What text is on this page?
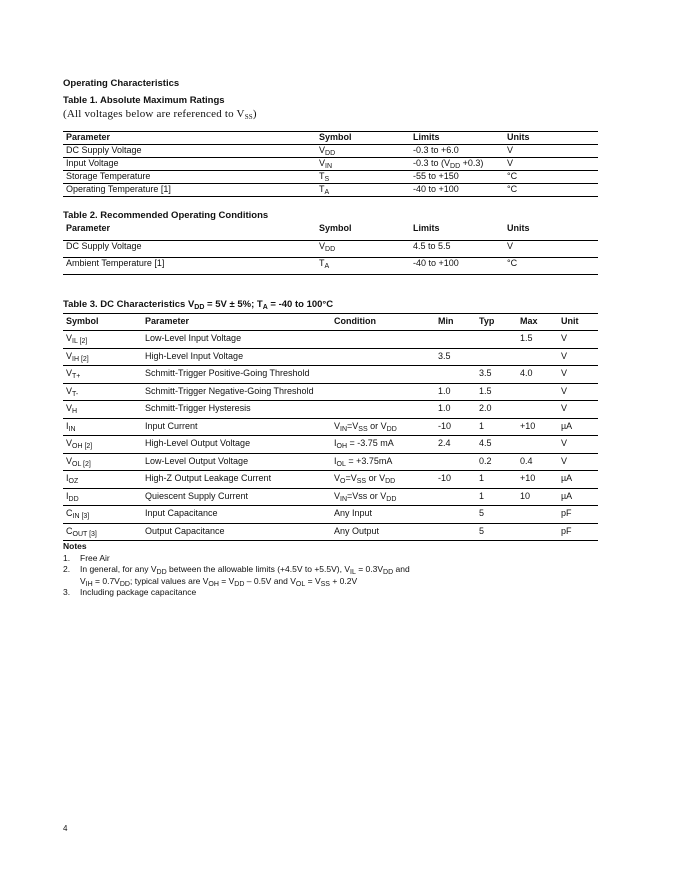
Operating Characteristics
Table 1. Absolute Maximum Ratings
(All voltages below are referenced to $V_{SS}$)
Parameter	Symbol	Limits	Units
DC Supply Voltage	$V_{DD}$	-0.3 to +6.0	V
Input Voltage	$V_{IN}$	-0.3 to $(V_{DD} +0.3)$	V
Storage Temperature	$T_S$	-55 to +150	°C
Operating Temperature [1]	$T_A$	-40 to +100	°C
Table 2. Recommended Operating Conditions
Parameter	Symbol	Limits	Units
DC Supply Voltage	$V_{DD}$	4.5 to 5.5	V
Ambient Temperature [1]	$T_A$	-40 to +100	°C
Table 3. DC Characteristics $V_{DD} = 5V \pm 5\%$; $T_A = -40$ to 100°C
Symbol	Parameter	Condition	Min	Typ	Max	Unit
$V_{IL [2]}$	Low-Level Input Voltage				1.5	V
$V_{IH [2]}$	High-Level Input Voltage		3.5			V
$V_{T+}$	Schmitt-Trigger Positive-Going Threshold			3.5	4.0	V
$V_{T-}$	Schmitt-Trigger Negative-Going Threshold		1.0	1.5		V
$V_H$	Schmitt-Trigger Hysteresis		1.0	2.0		V
$I_{IN}$	Input Current	$V_{IN}=V_{SS}$ or $V_{DD}$	-10	1	+10	µA
$V_{OH [2]}$	High-Level Output Voltage	$I_{OH} = -3.75$ mA	2.4	4.5		V
$V_{OL [2]}$	Low-Level Output Voltage	$I_{OL} = +3.75mA$		0.2	0.4	V
$I_{OZ}$	High-Z Output Leakage Current	$V_O=V_{SS}$ or $V_{DD}$	-10	1	+10	µA
$I_{DD}$	Quiescent Supply Current	$V_{IN}=Vss$ or $V_{DD}$		1	10	µA
$C_{IN [3]}$	Input Capacitance	Any Input		5		pF
$C_{OUT [3]}$	Output Capacitance	Any Output		5		pF
Notes
1.	Free Air
2.	In general, for any $V_{DD}$ between the allowable limits (+4.5V to +5.5V), $V_{IL} = 0.3V_{DD}$ and
$V_{IH} = 0.7V_{DD}$; typical values are $V_{OH} = V_{DD} - 0.5V$ and $V_{OL} = V_{SS} + 0.2V$
3.	Including package capacitance
4
